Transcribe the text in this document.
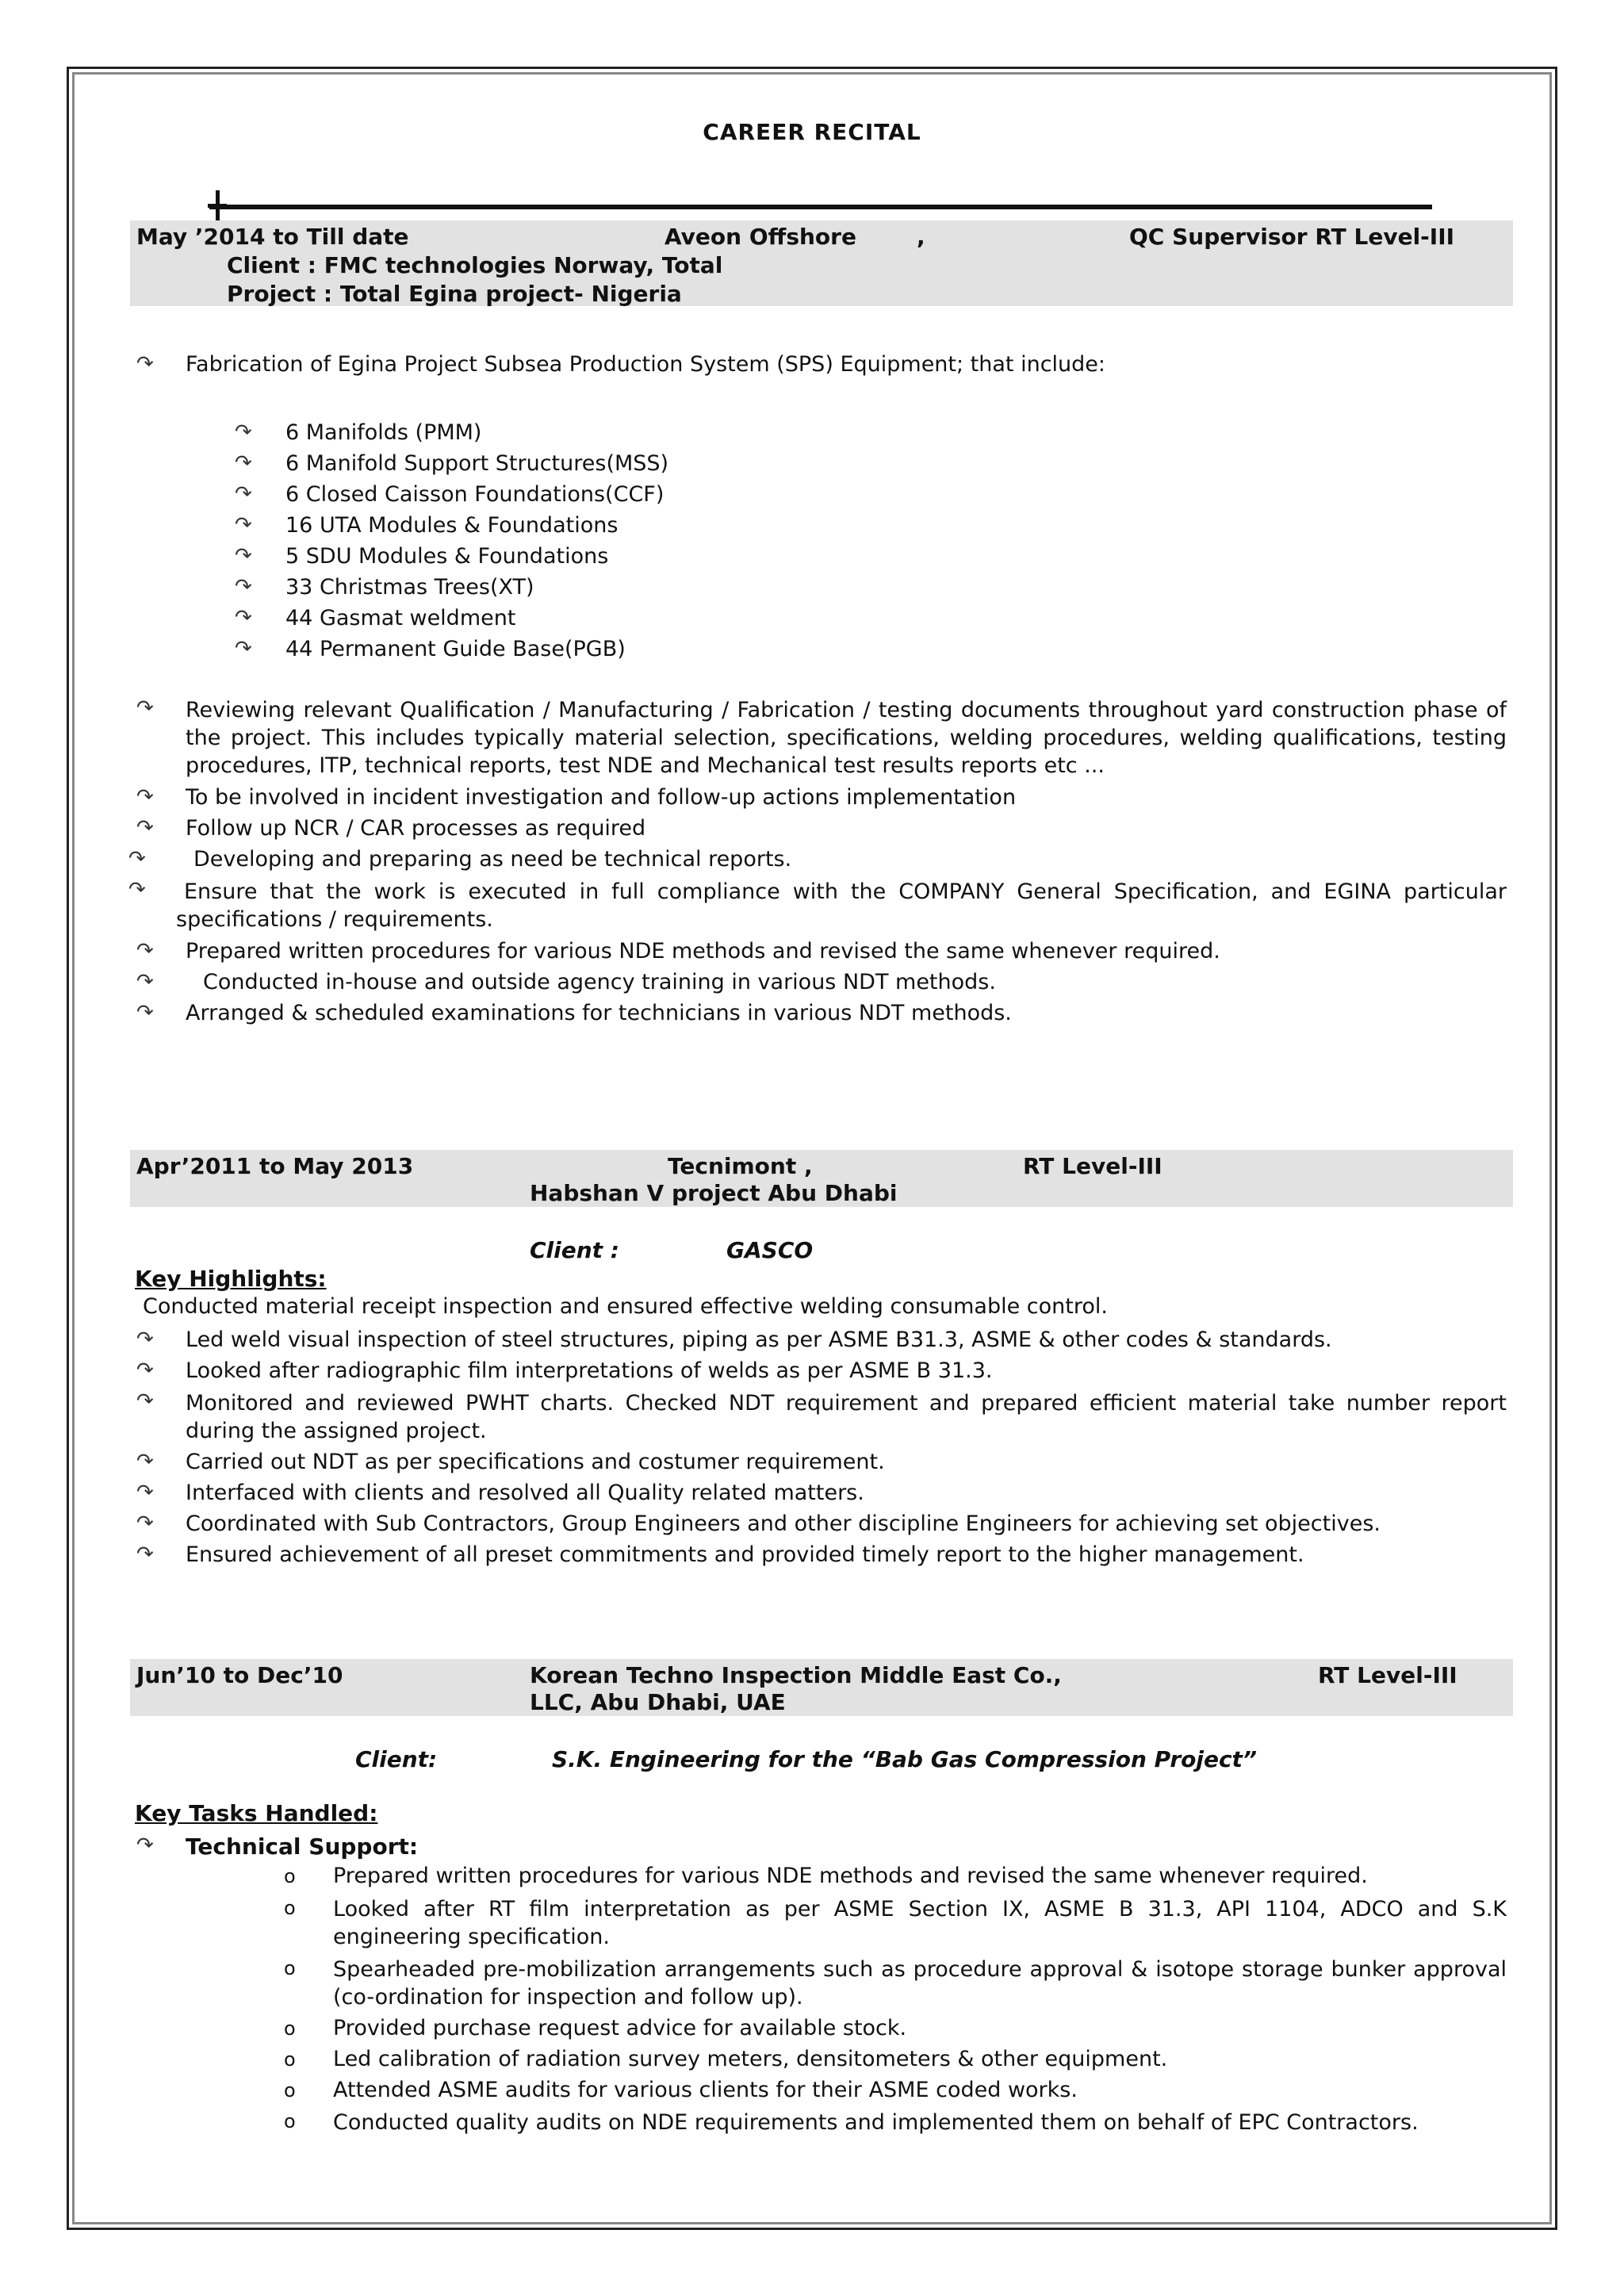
CAREER RECITAL
May ’2014 to Till date	Aveon Offshore	,	QC Supervisor RT Level-III
Client : FMC technologies Norway, Total
Project : Total Egina project- Nigeria
↷ Fabrication of Egina Project Subsea Production System (SPS) Equipment; that include:
↷ 6 Manifolds (PMM)
↷ 6 Manifold Support Structures(MSS)
↷ 6 Closed Caisson Foundations(CCF)
↷ 16 UTA Modules & Foundations
↷ 5 SDU Modules & Foundations
↷ 33 Christmas Trees(XT)
↷ 44 Gasmat weldment
↷ 44 Permanent Guide Base(PGB)
↷ Reviewing relevant Qualification / Manufacturing / Fabrication / testing documents throughout yard construction phase of the project. This includes typically material selection, specifications, welding procedures, welding qualifications, testing procedures, ITP, technical reports, test NDE and Mechanical test results reports etc ...
↷ To be involved in incident investigation and follow-up actions implementation
↷ Follow up NCR / CAR processes as required
↷ Developing and preparing as need be technical reports.
↷	Ensure that the work is executed in full compliance with the COMPANY General Specification, and EGINA particular specifications / requirements.
↷ Prepared written procedures for various NDE methods and revised the same whenever required.
↷ Conducted in-house and outside agency training in various NDT methods.
↷ Arranged & scheduled examinations for technicians in various NDT methods.
Apr’2011 to May 2013	Tecnimont ,	RT Level-III
Habshan V project Abu Dhabi
Client :	GASCO
Key Highlights:
Conducted material receipt inspection and ensured effective welding consumable control.
↷ Led weld visual inspection of steel structures, piping as per ASME B31.3, ASME & other codes & standards.
↷ Looked after radiographic film interpretations of welds as per ASME B 31.3.
↷ Monitored and reviewed PWHT charts. Checked NDT requirement and prepared efficient material take number report during the assigned project.
↷ Carried out NDT as per specifications and costumer requirement.
↷ Interfaced with clients and resolved all Quality related matters.
↷ Coordinated with Sub Contractors, Group Engineers and other discipline Engineers for achieving set objectives.
↷ Ensured achievement of all preset commitments and provided timely report to the higher management.
Jun’10 to Dec’10	Korean Techno Inspection Middle East Co.,	RT Level-III
LLC, Abu Dhabi, UAE
Client:	S.K. Engineering for the “Bab Gas Compression Project”
Key Tasks Handled:
↷ Technical Support:
o Prepared written procedures for various NDE methods and revised the same whenever required.
o Looked after RT film interpretation as per ASME Section IX, ASME B 31.3, API 1104, ADCO and S.K engineering specification.
o Spearheaded pre-mobilization arrangements such as procedure approval & isotope storage bunker approval (co-ordination for inspection and follow up).
o Provided purchase request advice for available stock.
o Led calibration of radiation survey meters, densitometers & other equipment.
o Attended ASME audits for various clients for their ASME coded works.
o Conducted quality audits on NDE requirements and implemented them on behalf of EPC Contractors.
